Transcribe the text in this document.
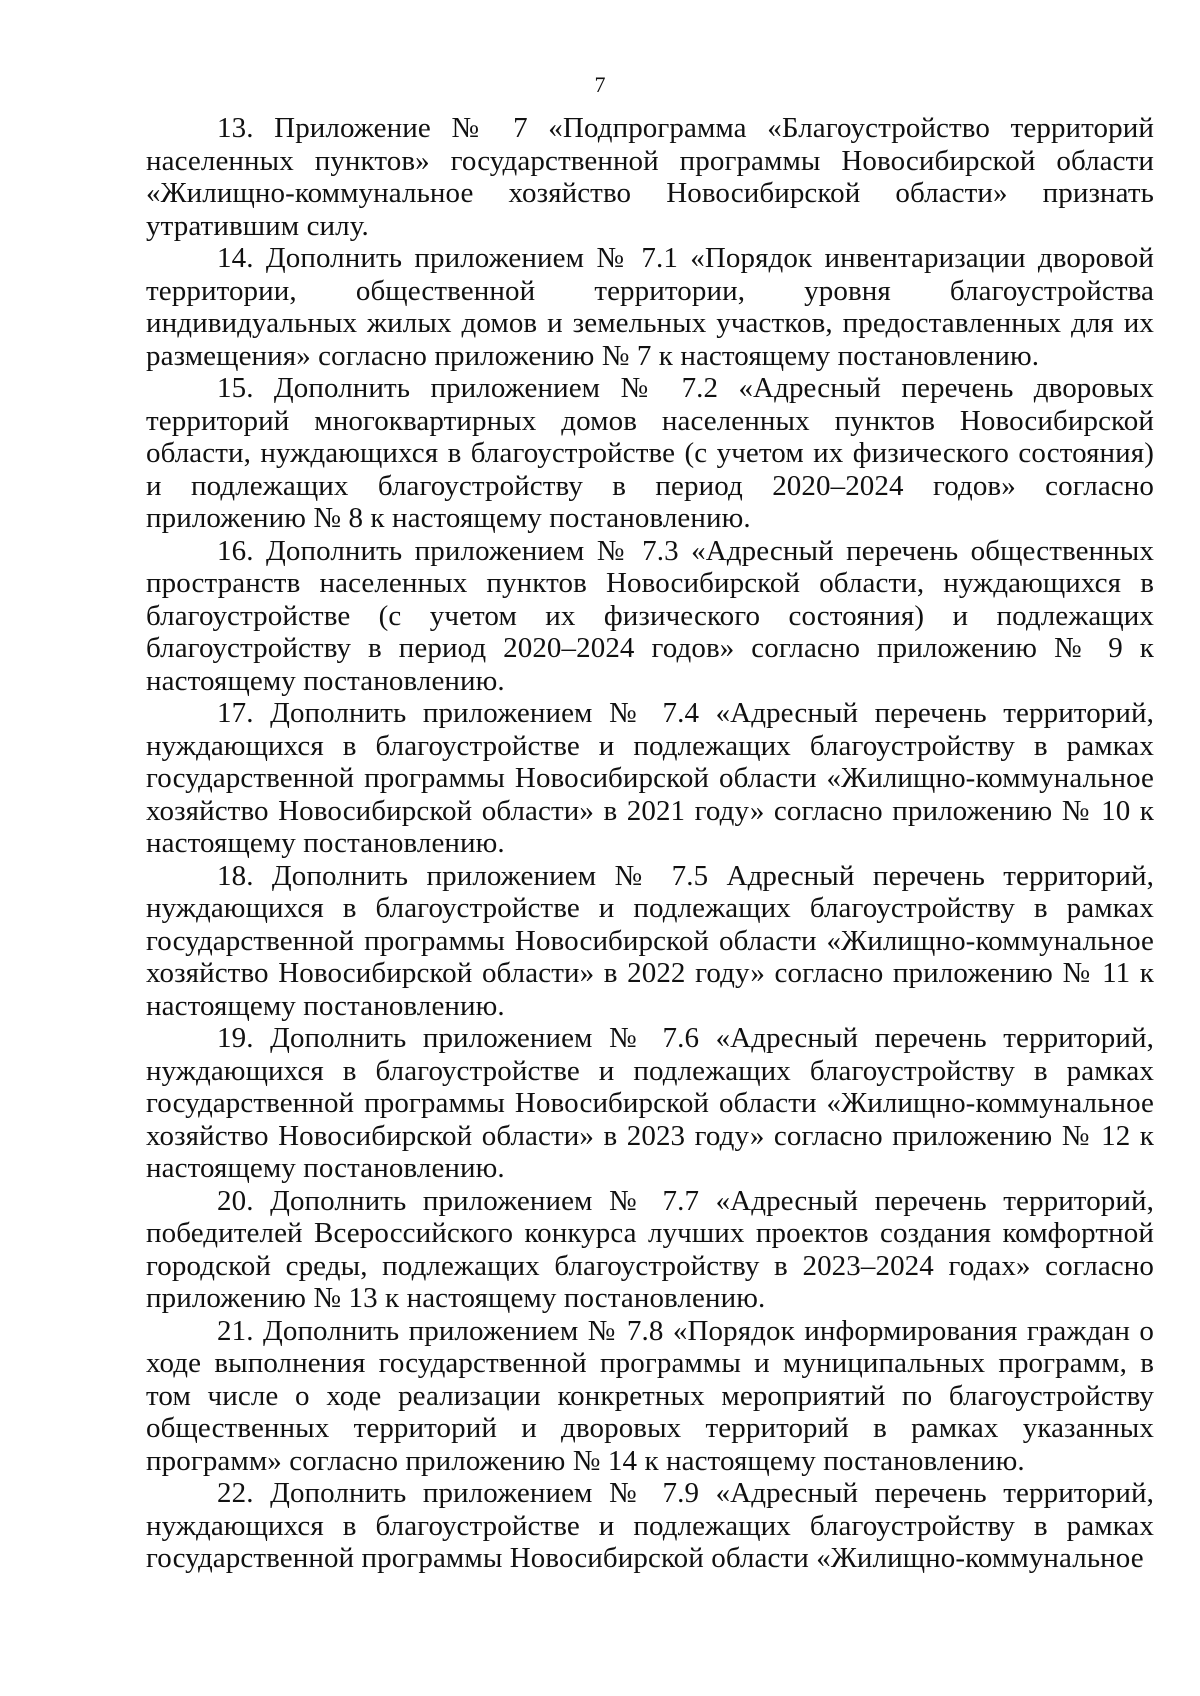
7

13. Приложение № 7 «Подпрограмма «Благоустройство территорий населенных пунктов» государственной программы Новосибирской области «Жилищно-коммунальное хозяйство Новосибирской области» признать утратившим силу.

14. Дополнить приложением № 7.1 «Порядок инвентаризации дворовой территории, общественной территории, уровня благоустройства индивидуальных жилых домов и земельных участков, предоставленных для их размещения» согласно приложению № 7 к настоящему постановлению.

15. Дополнить приложением № 7.2 «Адресный перечень дворовых территорий многоквартирных домов населенных пунктов Новосибирской области, нуждающихся в благоустройстве (с учетом их физического состояния) и подлежащих благоустройству в период 2020–2024 годов» согласно приложению № 8 к настоящему постановлению.

16. Дополнить приложением № 7.3 «Адресный перечень общественных пространств населенных пунктов Новосибирской области, нуждающихся в благоустройстве (с учетом их физического состояния) и подлежащих благоустройству в период 2020–2024 годов» согласно приложению № 9 к настоящему постановлению.

17. Дополнить приложением № 7.4 «Адресный перечень территорий, нуждающихся в благоустройстве и подлежащих благоустройству в рамках государственной программы Новосибирской области «Жилищно-коммунальное хозяйство Новосибирской области» в 2021 году» согласно приложению № 10 к настоящему постановлению.

18. Дополнить приложением № 7.5 Адресный перечень территорий, нуждающихся в благоустройстве и подлежащих благоустройству в рамках государственной программы Новосибирской области «Жилищно-коммунальное хозяйство Новосибирской области» в 2022 году» согласно приложению № 11 к настоящему постановлению.

19. Дополнить приложением № 7.6 «Адресный перечень территорий, нуждающихся в благоустройстве и подлежащих благоустройству в рамках государственной программы Новосибирской области «Жилищно-коммунальное хозяйство Новосибирской области» в 2023 году» согласно приложению № 12 к настоящему постановлению.

20. Дополнить приложением № 7.7 «Адресный перечень территорий, победителей Всероссийского конкурса лучших проектов создания комфортной городской среды, подлежащих благоустройству в 2023–2024 годах» согласно приложению № 13 к настоящему постановлению.

21. Дополнить приложением № 7.8 «Порядок информирования граждан о ходе выполнения государственной программы и муниципальных программ, в том числе о ходе реализации конкретных мероприятий по благоустройству общественных территорий и дворовых территорий в рамках указанных программ» согласно приложению № 14 к настоящему постановлению.

22. Дополнить приложением № 7.9 «Адресный перечень территорий, нуждающихся в благоустройстве и подлежащих благоустройству в рамках государственной программы Новосибирской области «Жилищно-коммунальное
